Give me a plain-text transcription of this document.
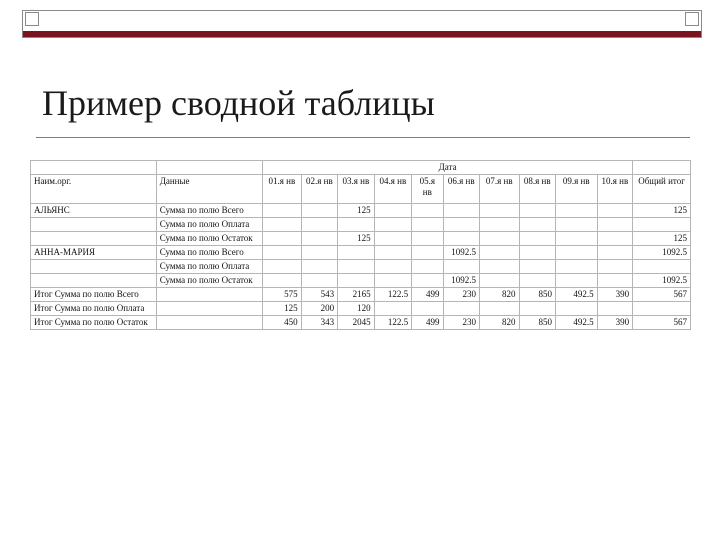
Пример сводной таблицы
		Дата										
Наим.орг.	Данные	01.я нв	02.я нв	03.я нв	04.я нв	05.я нв	06.я нв	07.я нв	08.я нв	09.я нв	10.я нв	Общий итог
АЛЬЯНС	Сумма по полю Всего			125								125
	Сумма по полю Оплата											
	Сумма по полю Остаток			125								125
АННА-МАРИЯ	Сумма по полю Всего						1092.5					1092.5
	Сумма по полю Оплата											
	Сумма по полю Остаток						1092.5					1092.5
Итог Сумма по полю Всего		575	543	2165	122.5	499	230	820	850	492.5	390	567
Итог Сумма по полю Оплата		125	200	120								
Итог Сумма по полю Остаток		450	343	2045	122.5	499	230	820	850	492.5	390	567
